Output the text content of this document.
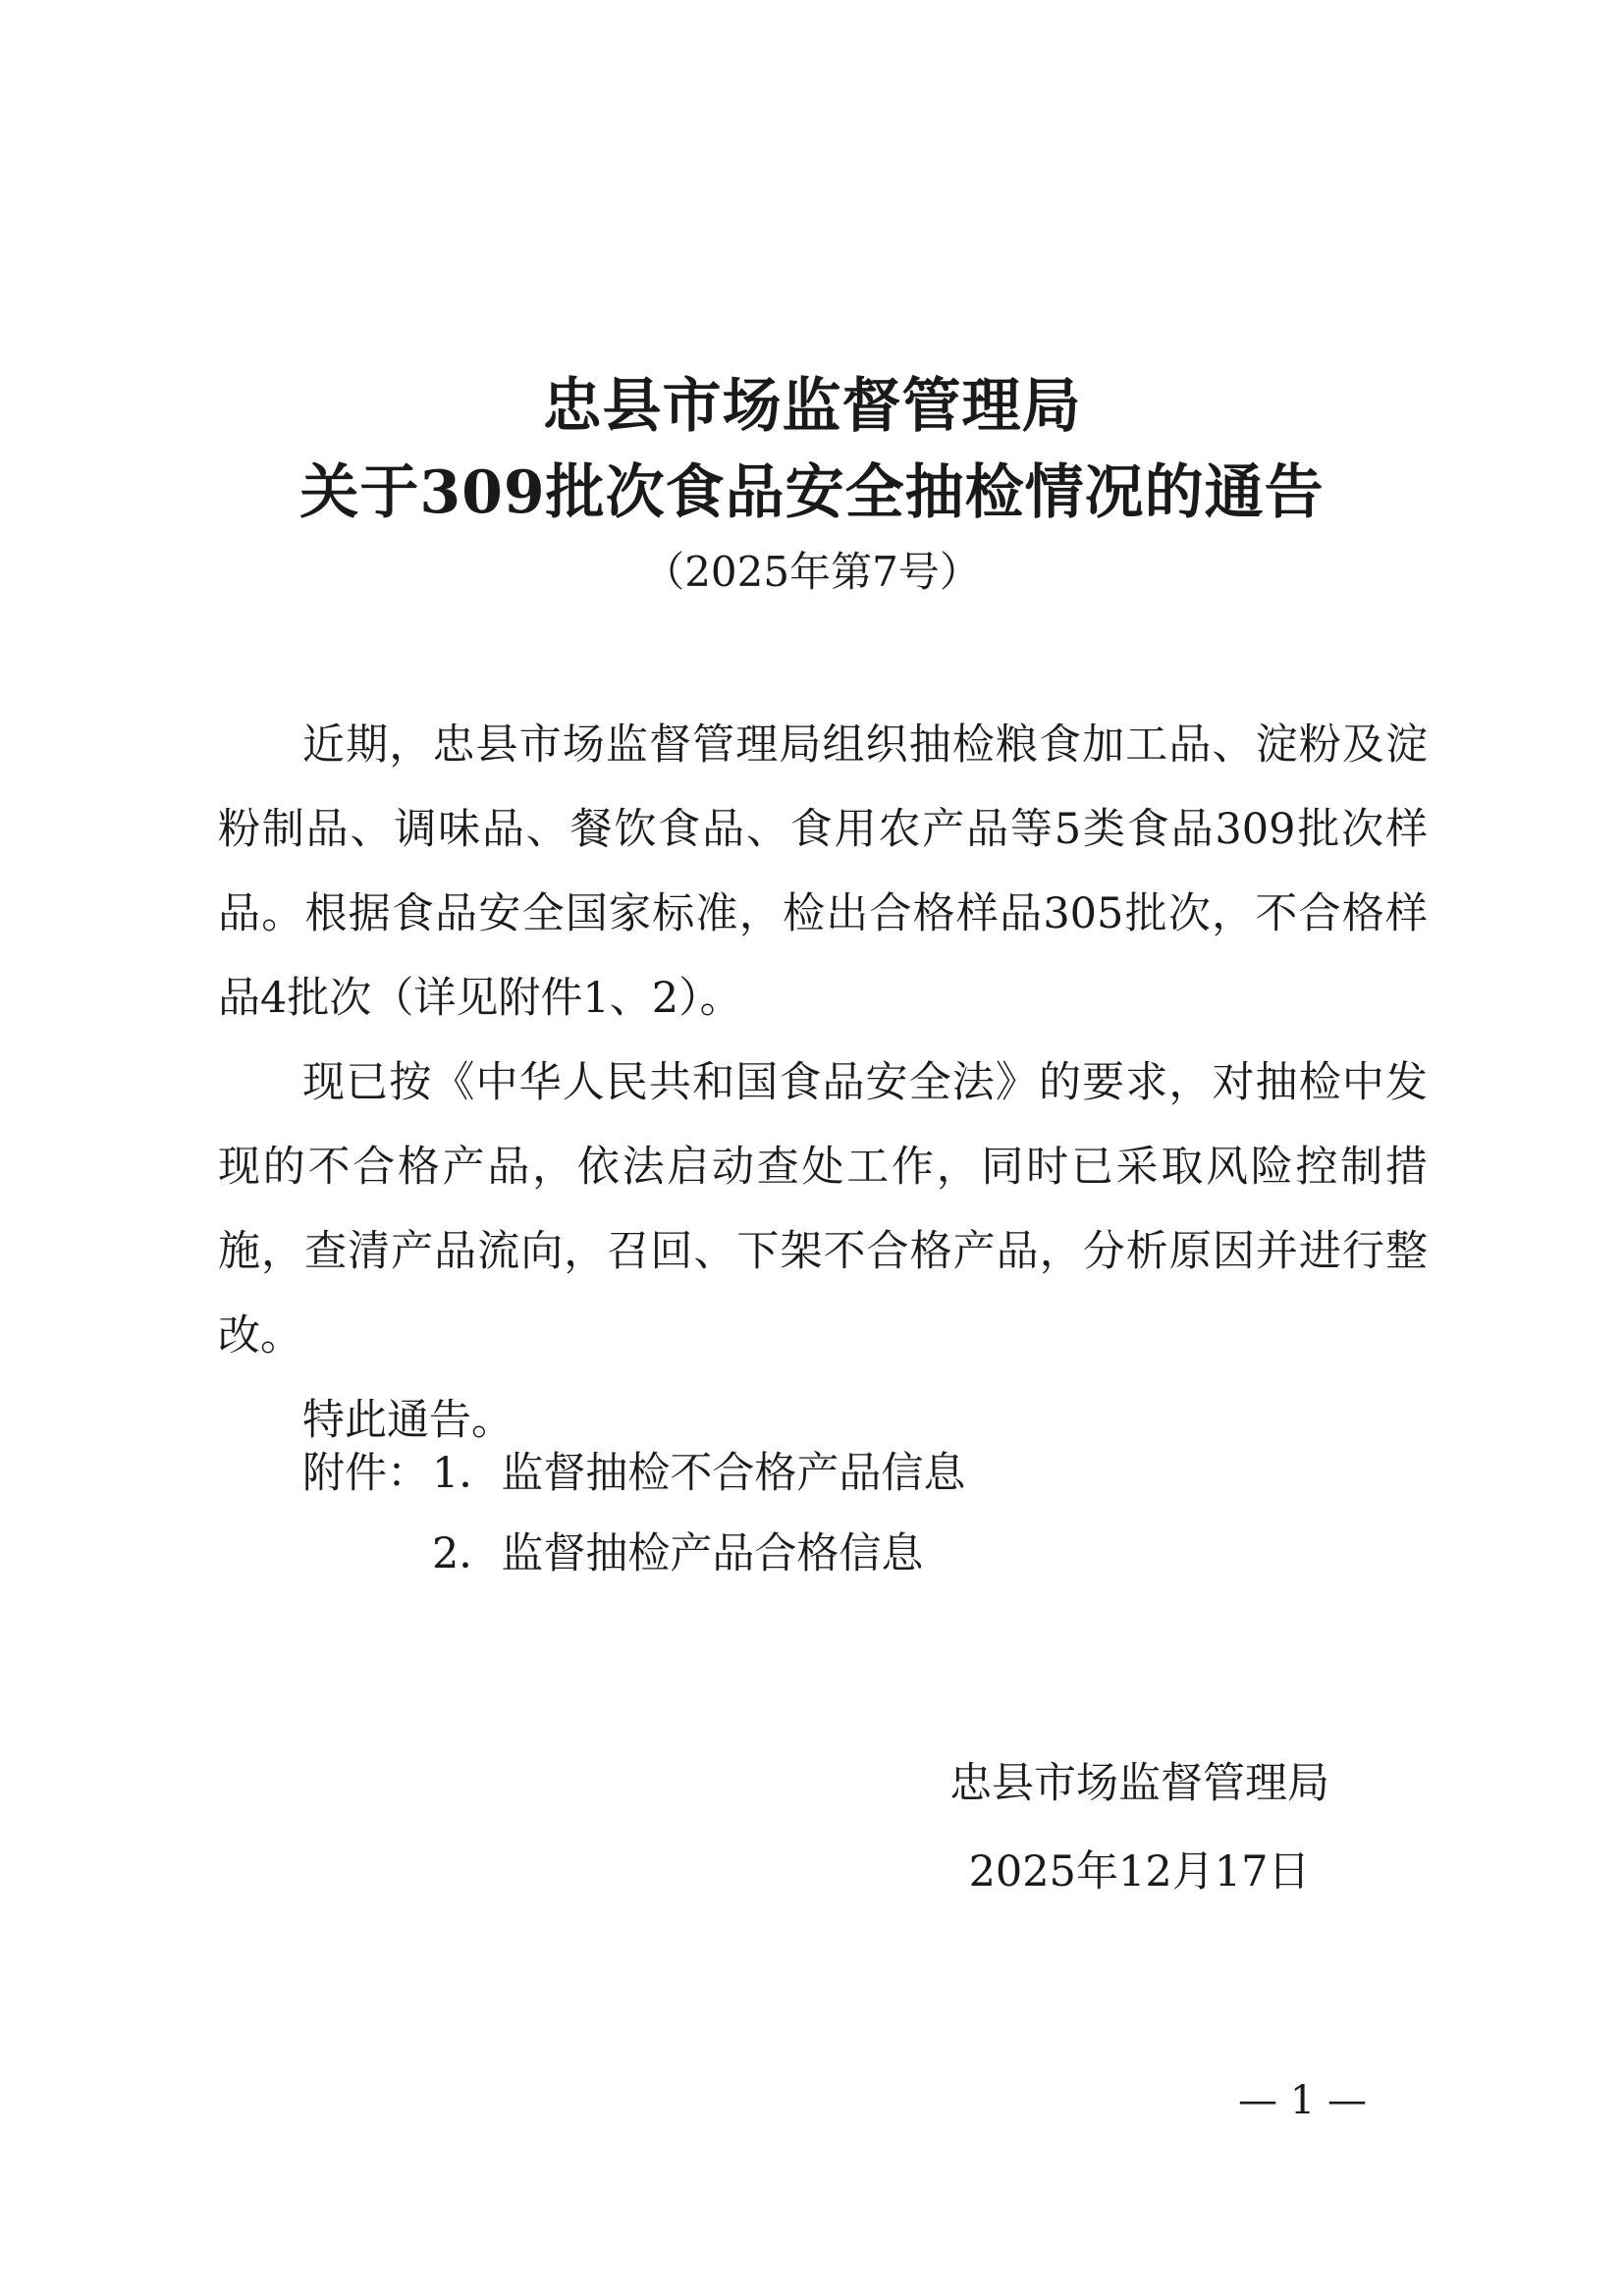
忠县市场监督管理局
关于309批次食品安全抽检情况的通告
（2025年第7号）

近期，忠县市场监督管理局组织抽检粮食加工品、淀粉及淀粉制品、调味品、餐饮食品、食用农产品等5类食品309批次样品。根据食品安全国家标准，检出合格样品305批次，不合格样品4批次（详见附件1、2）。

现已按《中华人民共和国食品安全法》的要求，对抽检中发现的不合格产品，依法启动查处工作，同时已采取风险控制措施，查清产品流向，召回、下架不合格产品，分析原因并进行整改。

特此通告。

附件： 1．监督抽检不合格产品信息
2．监督抽检产品合格信息
忠县市场监督管理局
2025年12月17日
— 1 —
